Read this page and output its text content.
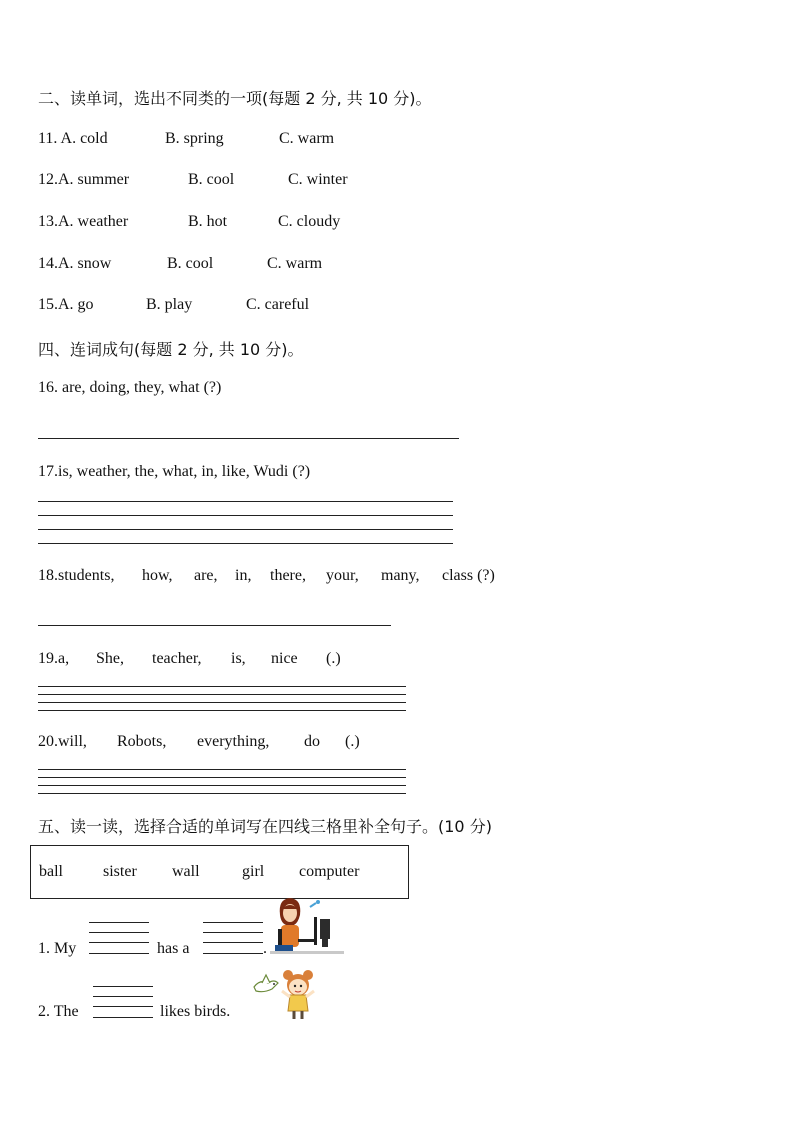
二、读单词，选出不同类的一项(每题 2 分, 共 10 分)。
11. A. cold	B. spring	C. warm
12.A. summer	B. cool	C. winter
13.A. weather	B. hot	C. cloudy
14.A. snow	B. cool	C. warm
15.A. go	B. play	C. careful
四、连词成句(每题 2 分, 共 10 分)。
16. are, doing, they, what (?)
17.is, weather, the, what, in, like, Wudi (?)
18.students, how, are, in, there, your, many, class (?)
19.a, She, teacher, is, nice (.)
20.will, Robots, everything, do (.)
五、读一读，选择合适的单词写在四线三格里补全句子。(10 分)
ball	sister wall	girl computer
1. My	has a	.
2. The	likes birds.
